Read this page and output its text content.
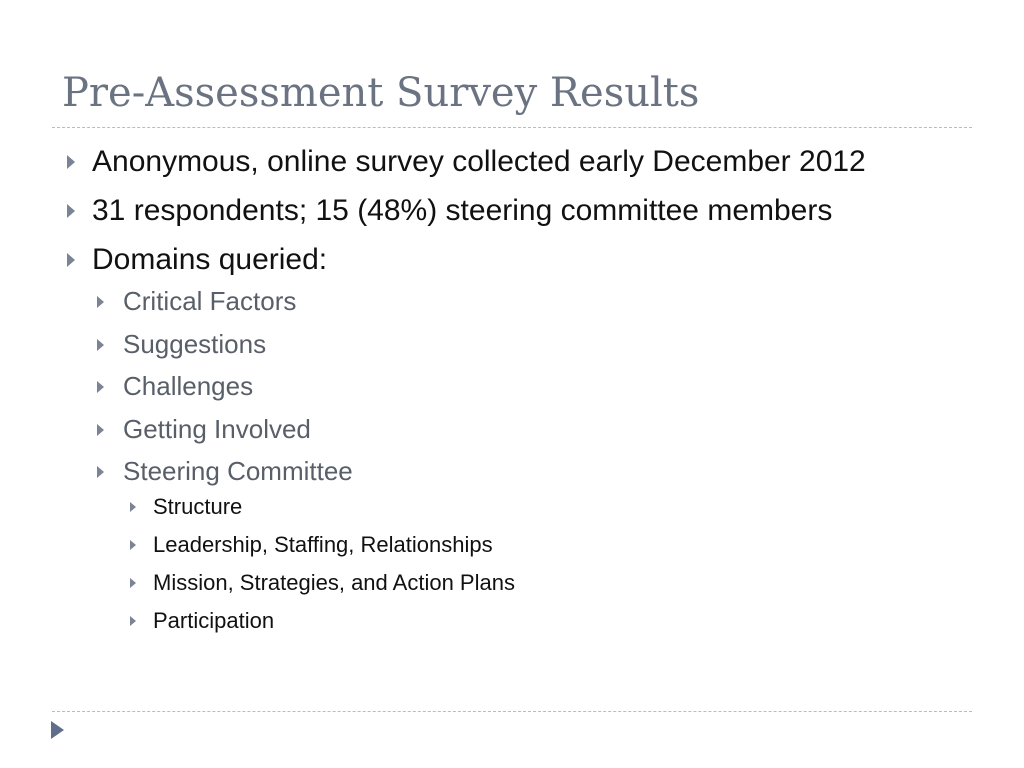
Pre-Assessment Survey Results
Anonymous, online survey collected early December 2012
31 respondents; 15 (48%) steering committee members
Domains queried:
Critical Factors
Suggestions
Challenges
Getting Involved
Steering Committee
Structure
Leadership, Staffing, Relationships
Mission, Strategies, and Action Plans
Participation
